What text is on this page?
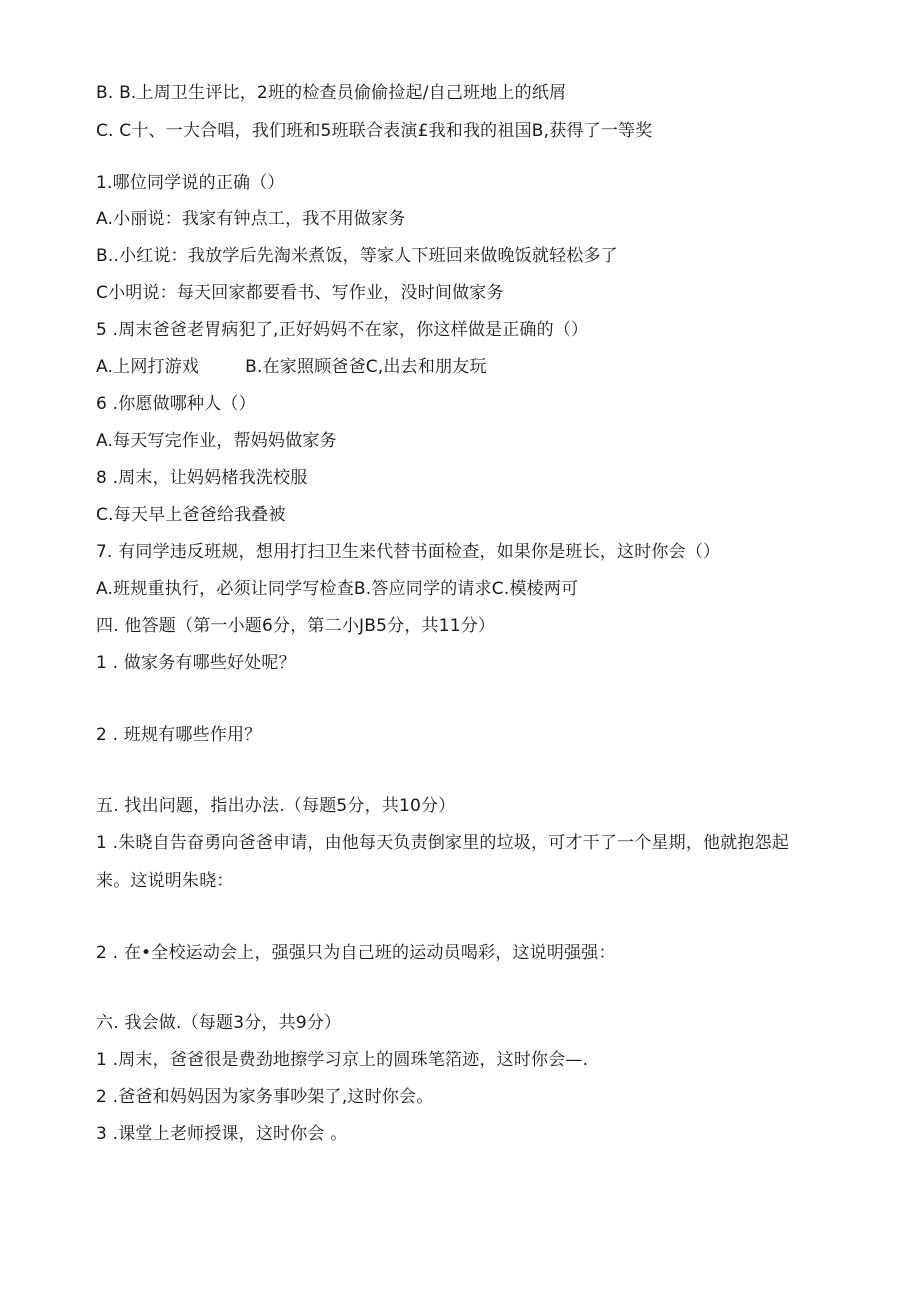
B. B.上周卫生评比，2班的检查员偷偷捡起/自己班地上的纸屑
C. C十、一大合唱，我们班和5班联合表演£我和我的祖国B,获得了一等奖
1.哪位同学说的正确（）
A.小丽说：我家有钟点工，我不用做家务
B..小红说：我放学后先淘米煮饭，等家人下班回来做晚饭就轻松多了
C小明说：每天回家都要看书、写作业，没时间做家务
5 .周末爸爸老胃病犯了,正好妈妈不在家，你这样做是正确的（）
A.上网打游戏	B.在家照顾爸爸C,出去和朋友玩
6 .你愿做哪种人（）
A.每天写完作业，帮妈妈做家务
8 .周末，让妈妈楮我洗校服
C.每天早上爸爸给我叠被
7. 有同学违反班规，想用打扫卫生来代替书面检查，如果你是班长，这时你会（）
A.班规重执行，必须让同学写检查B.答应同学的请求C.模棱两可
四. 他答题（第一小题6分，第二小JB5分，共11分）
1 . 做家务有哪些好处呢？
2 . 班规有哪些作用？
五. 找出问题，指出办法.（每题5分，共10分）
1 .朱晓自告奋勇向爸爸申请，由他每天负责倒家里的垃圾，可才干了一个星期，他就抱怨起来。这说明朱晓：
2 . 在•全校运动会上，强强只为自己班的运动员喝彩，这说明强强：
六. 我会做.（每题3分，共9分）
1 .周末，爸爸很是费劲地擦学习京上的圆珠笔箔迹，这时你会—.
2 .爸爸和妈妈因为家务事吵架了,这时你会。
3 .课堂上老师授课，这时你会 。
